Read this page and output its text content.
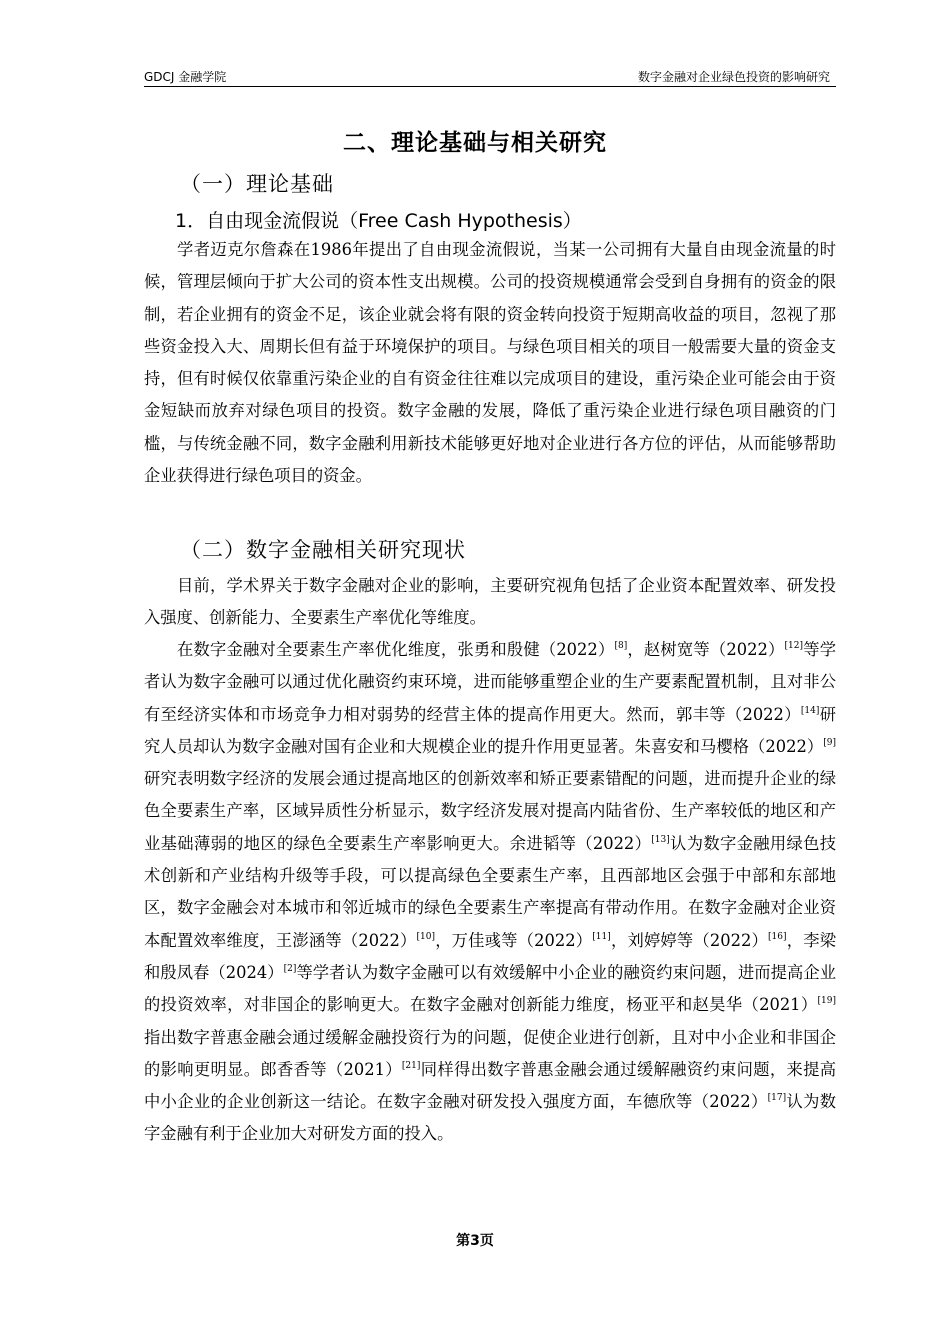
GDCJ 金融学院	数字金融对企业绿色投资的影响研究
二、理论基础与相关研究
（一）理论基础
1．自由现金流假说（Free Cash Hypothesis）
学者迈克尔詹森在1986年提出了自由现金流假说，当某一公司拥有大量自由现金流量的时候，管理层倾向于扩大公司的资本性支出规模。公司的投资规模通常会受到自身拥有的资金的限制，若企业拥有的资金不足，该企业就会将有限的资金转向投资于短期高收益的项目，忽视了那些资金投入大、周期长但有益于环境保护的项目。与绿色项目相关的项目一般需要大量的资金支持，但有时候仅依靠重污染企业的自有资金往往难以完成项目的建设，重污染企业可能会由于资金短缺而放弃对绿色项目的投资。数字金融的发展，降低了重污染企业进行绿色项目融资的门槛，与传统金融不同，数字金融利用新技术能够更好地对企业进行各方位的评估，从而能够帮助企业获得进行绿色项目的资金。
（二）数字金融相关研究现状
目前，学术界关于数字金融对企业的影响，主要研究视角包括了企业资本配置效率、研发投入强度、创新能力、全要素生产率优化等维度。
在数字金融对全要素生产率优化维度，张勇和殷健（2022）[8]，赵树宽等（2022）[12]等学者认为数字金融可以通过优化融资约束环境，进而能够重塑企业的生产要素配置机制，且对非公有至经济实体和市场竞争力相对弱势的经营主体的提高作用更大。然而，郭丰等（2022）[14]研究人员却认为数字金融对国有企业和大规模企业的提升作用更显著。朱喜安和马樱格（2022）[9]研究表明数字经济的发展会通过提高地区的创新效率和矫正要素错配的问题，进而提升企业的绿色全要素生产率，区域异质性分析显示，数字经济发展对提高内陆省份、生产率较低的地区和产业基础薄弱的地区的绿色全要素生产率影响更大。余进韬等（2022）[13]认为数字金融用绿色技术创新和产业结构升级等手段，可以提高绿色全要素生产率，且西部地区会强于中部和东部地区，数字金融会对本城市和邻近城市的绿色全要素生产率提高有带动作用。在数字金融对企业资本配置效率维度，王澎涵等（2022）[10]，万佳彧等（2022）[11]，刘婷婷等（2022）[16]，李梁和殷凤春（2024）[2]等学者认为数字金融可以有效缓解中小企业的融资约束问题，进而提高企业的投资效率，对非国企的影响更大。在数字金融对创新能力维度，杨亚平和赵昊华（2021）[19]指出数字普惠金融会通过缓解金融投资行为的问题，促使企业进行创新，且对中小企业和非国企的影响更明显。郎香香等（2021）[21]同样得出数字普惠金融会通过缓解融资约束问题，来提高中小企业的企业创新这一结论。在数字金融对研发投入强度方面，车德欣等（2022）[17]认为数字金融有利于企业加大对研发方面的投入。
第3页
